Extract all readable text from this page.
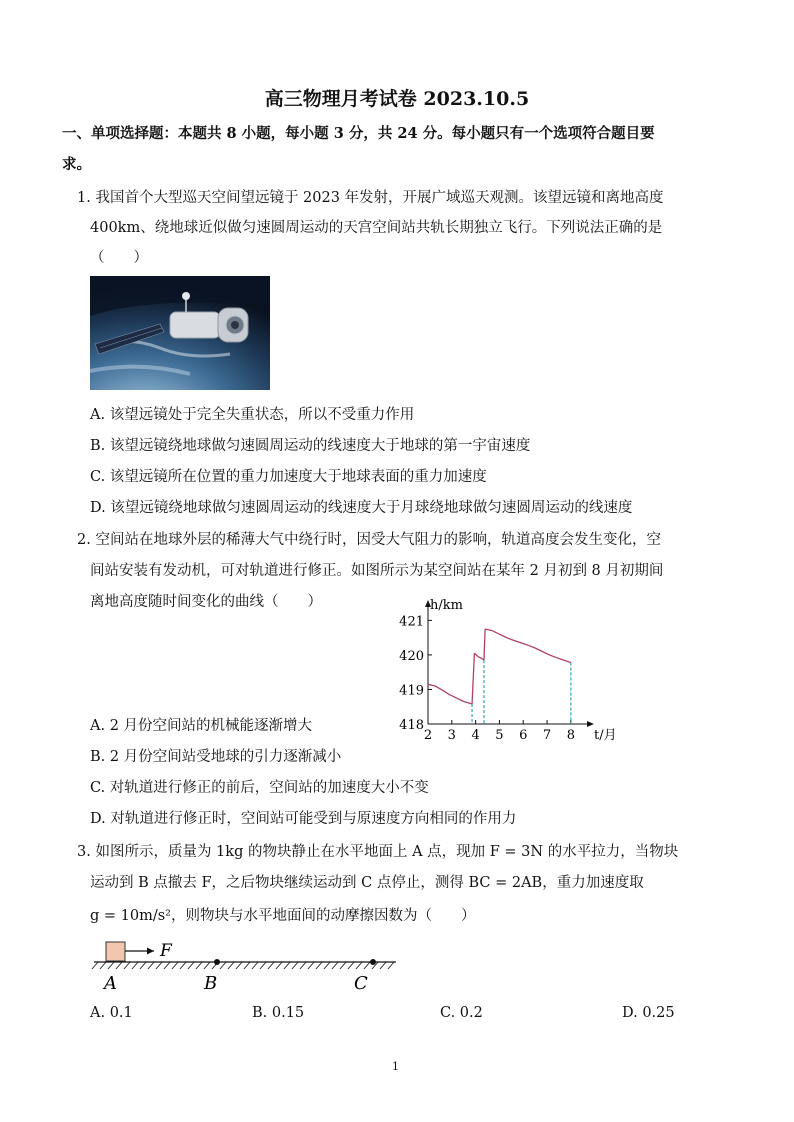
高三物理月考试卷 2023.10.5
一、单项选择题：本题共 8 小题，每小题 3 分，共 24 分。每小题只有一个选项符合题目要
求。
1. 我国首个大型巡天空间望远镜于 2023 年发射，开展广域巡天观测。该望远镜和离地高度
400km、绕地球近似做匀速圆周运动的天宫空间站共轨长期独立飞行。下列说法正确的是
（　　）
A. 该望远镜处于完全失重状态，所以不受重力作用
B. 该望远镜绕地球做匀速圆周运动的线速度大于地球的第一宇宙速度
C. 该望远镜所在位置的重力加速度大于地球表面的重力加速度
D. 该望远镜绕地球做匀速圆周运动的线速度大于月球绕地球做匀速圆周运动的线速度
2. 空间站在地球外层的稀薄大气中绕行时，因受大气阻力的影响，轨道高度会发生变化，空
间站安装有发动机，可对轨道进行修正。如图所示为某空间站在某年 2 月初到 8 月初期间
离地高度随时间变化的曲线（　　）
418
419
420
421
2 3 4 5 6 7 8
h/km
t/月
A. 2 月份空间站的机械能逐渐增大
B. 2 月份空间站受地球的引力逐渐减小
C. 对轨道进行修正的前后，空间站的加速度大小不变
D. 对轨道进行修正时，空间站可能受到与原速度方向相同的作用力
3. 如图所示，质量为 1kg 的物块静止在水平地面上 A 点，现加 F = 3N 的水平拉力，当物块
运动到 B 点撤去 F，之后物块继续运动到 C 点停止，测得 BC = 2AB，重力加速度取
g = 10m/s²，则物块与水平地面间的动摩擦因数为（　　）
F
A	B	C
A. 0.1	B. 0.15	C. 0.2	D. 0.25
1
